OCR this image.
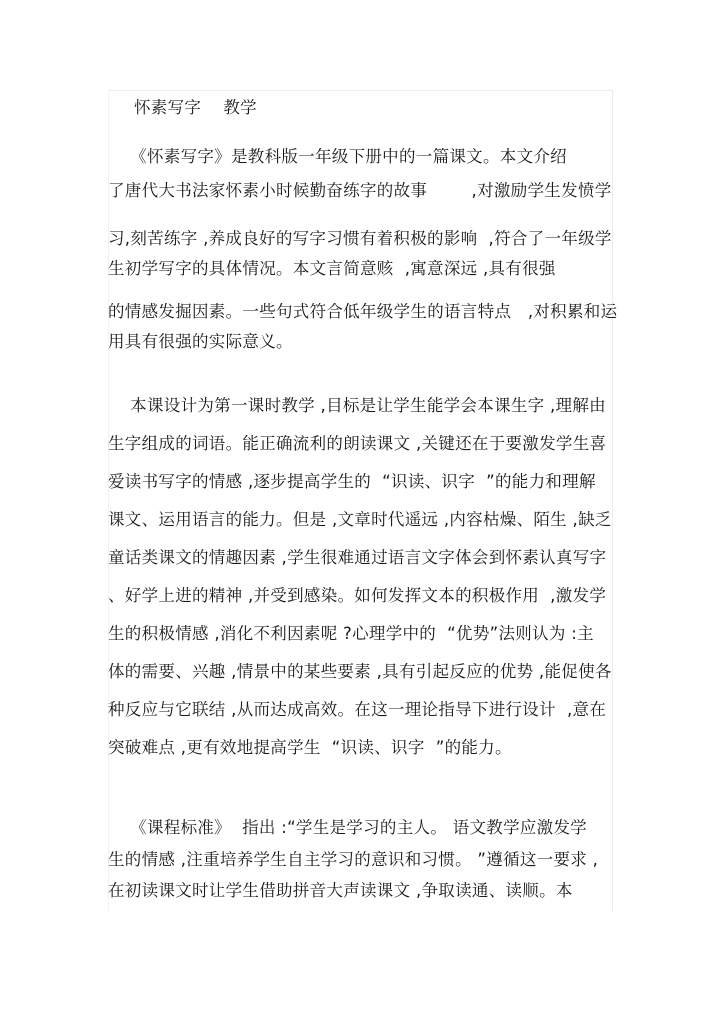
怀素写字    教学
《怀素写字》是教科版一年级下册中的一篇课文。本文介绍
了唐代大书法家怀素小时候勤奋练字的故事        ,对激励学生发愤学
习,刻苦练字 ,养成良好的写字习惯有着积极的影响  ,符合了一年级学
生初学写字的具体情况。本文言简意赅  ,寓意深远 ,具有很强
的情感发掘因素。一些句式符合低年级学生的语言特点   ,对积累和运
用具有很强的实际意义。
本课设计为第一课时教学 ,目标是让学生能学会本课生字 ,理解由
生字组成的词语。能正确流利的朗读课文 ,关键还在于要激发学生喜
爱读书写字的情感 ,逐步提高学生的  “识读、识字  ”的能力和理解
课文、运用语言的能力。但是 ,文章时代遥远 ,内容枯燥、陌生 ,缺乏
童话类课文的情趣因素 ,学生很难通过语言文字体会到怀素认真写字
、好学上进的精神 ,并受到感染。如何发挥文本的积极作用  ,激发学
生的积极情感 ,消化不利因素呢 ?心理学中的  “优势”法则认为 :主
体的需要、兴趣 ,情景中的某些要素 ,具有引起反应的优势 ,能促使各
种反应与它联结 ,从而达成高效。在这一理论指导下进行设计  ,意在
突破难点 ,更有效地提高学生  “识读、识字  ”的能力。
《课程标准》  指出 :“学生是学习的主人。 语文教学应激发学
生的情感 ,注重培养学生自主学习的意识和习惯。 ”遵循这一要求 ,
在初读课文时让学生借助拼音大声读课文 ,争取读通、读顺。本
